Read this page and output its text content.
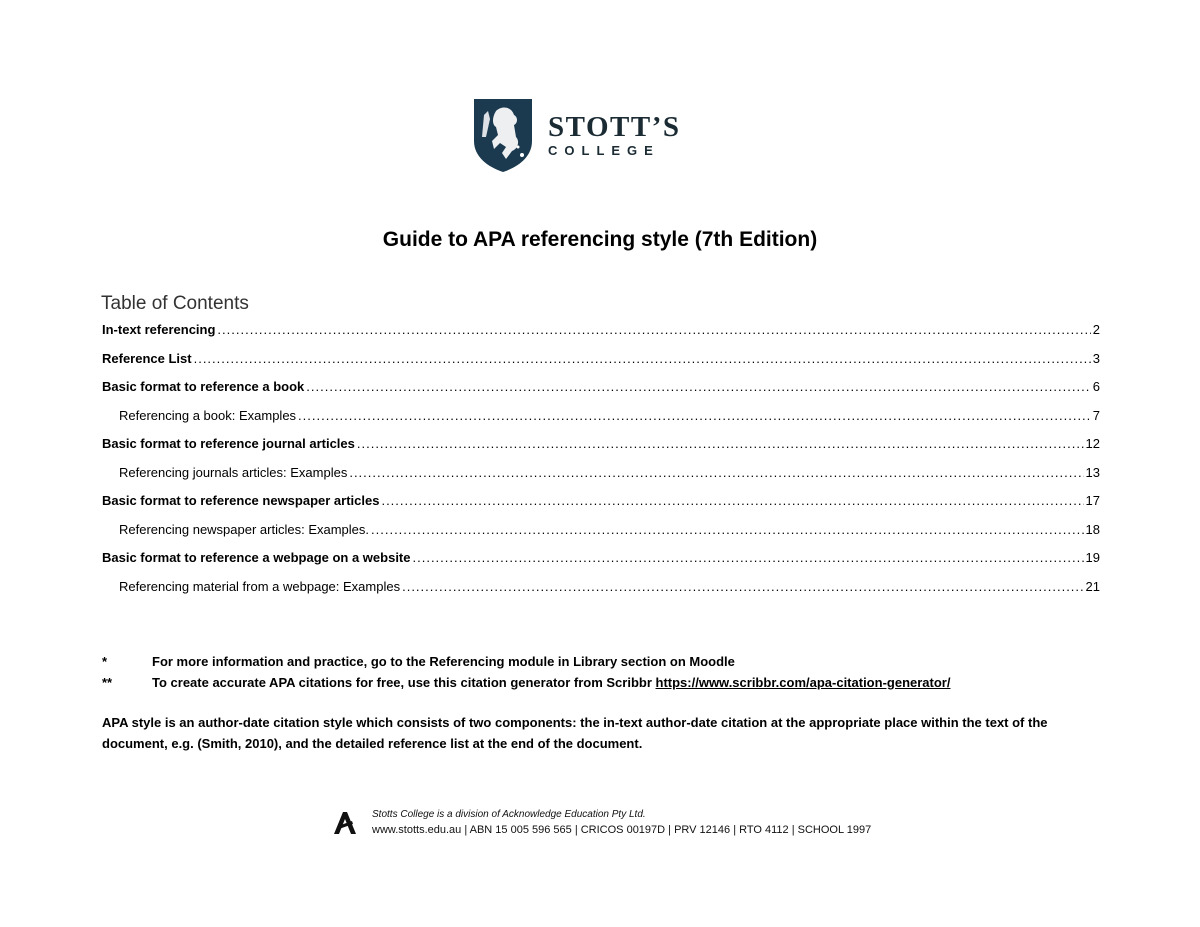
STOTT’S
COLLEGE
Guide to APA referencing style (7th Edition)
Table of Contents
In-text referencing .....	2
Reference List .....	3
Basic format to reference a book .....	6
Referencing a book: Examples .....	7
Basic format to reference journal articles .....	12
Referencing journals articles: Examples .....	13
Basic format to reference newspaper articles .....	17
Referencing newspaper articles: Examples. .....	18
Basic format to reference a webpage on a website .....	19
Referencing material from a webpage: Examples .....	21
*	For more information and practice, go to the Referencing module in Library section on Moodle
**	To create accurate APA citations for free, use this citation generator from Scribbr https://www.scribbr.com/apa-citation-generator/
APA style is an author-date citation style which consists of two components: the in-text author-date citation at the appropriate place within the text of the document, e.g. (Smith, 2010), and the detailed reference list at the end of the document.
Stotts College is a division of Acknowledge Education Pty Ltd.
www.stotts.edu.au | ABN 15 005 596 565 | CRICOS 00197D | PRV 12146 | RTO 4112 | SCHOOL 1997
